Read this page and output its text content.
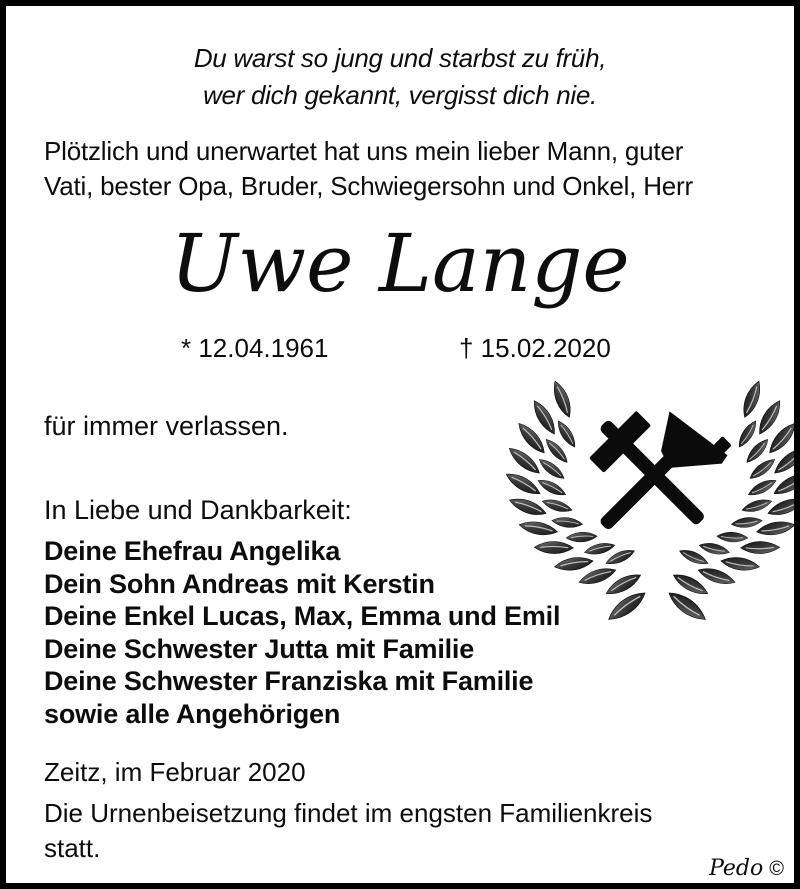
Du warst so jung und starbst zu früh,
wer dich gekannt, vergisst dich nie.
Plötzlich und unerwartet hat uns mein lieber Mann, guter
Vati, bester Opa, Bruder, Schwiegersohn und Onkel, Herr
Uwe Lange
* 12.04.1961	† 15.02.2020
für immer verlassen.
In Liebe und Dankbarkeit:
Deine Ehefrau Angelika
Dein Sohn Andreas mit Kerstin
Deine Enkel Lucas, Max, Emma und Emil
Deine Schwester Jutta mit Familie
Deine Schwester Franziska mit Familie
sowie alle Angehörigen
Zeitz, im Februar 2020
Die Urnenbeisetzung findet im engsten Familienkreis
statt.
Pedo ©
